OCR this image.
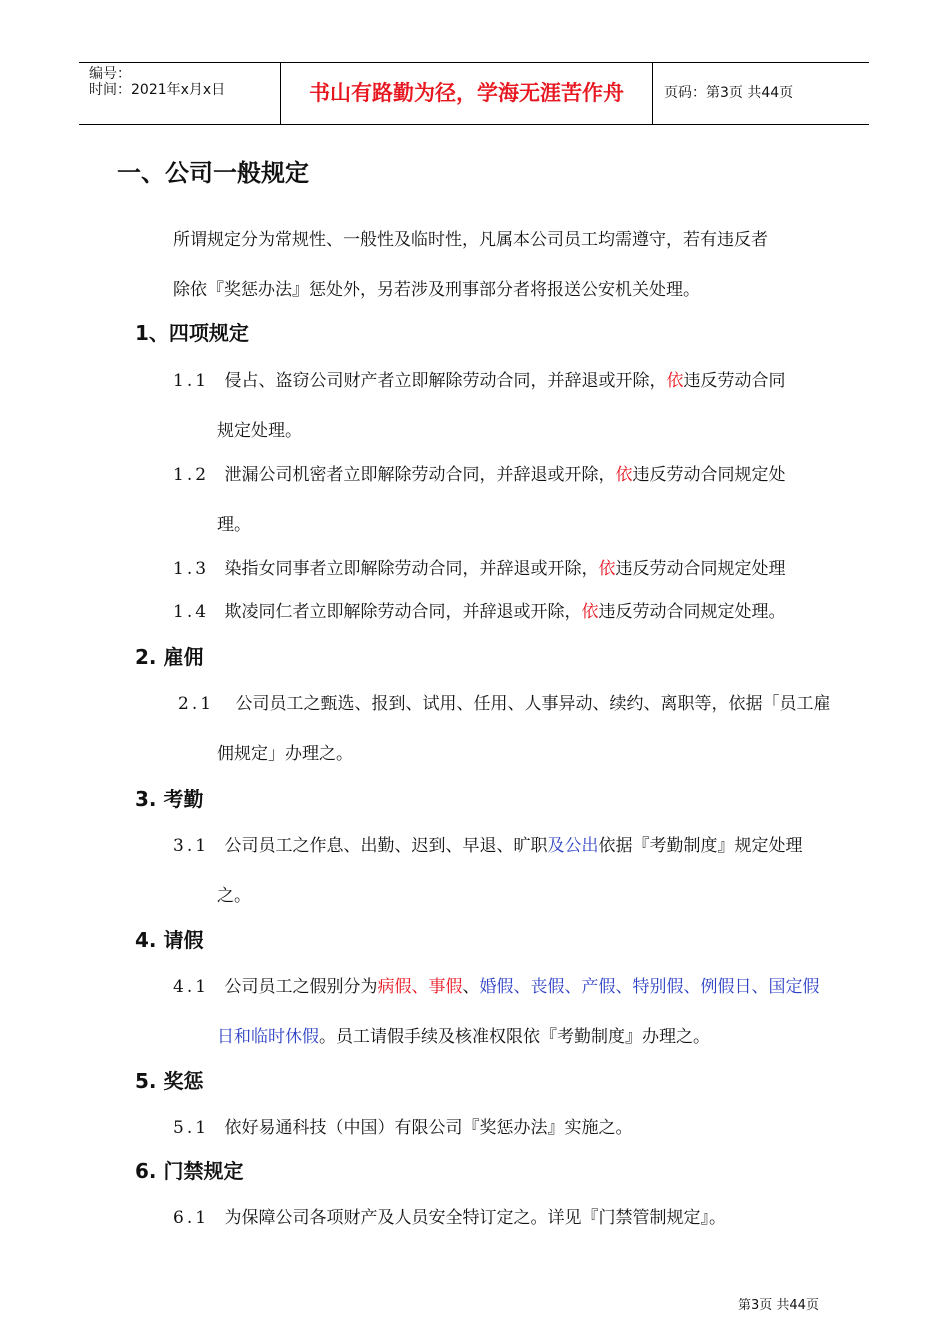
编号：
时间：2021年x月x日	书山有路勤为径，学海无涯苦作舟	页码：第3页 共44页
一、公司一般规定
所谓规定分为常规性、一般性及临时性，凡属本公司员工均需遵守，若有违反者
除依『奖惩办法』惩处外，另若涉及刑事部分者将报送公安机关处理。
1、四项规定
1.1 侵占、盗窃公司财产者立即解除劳动合同，并辞退或开除，依违反劳动合同
规定处理。
1.2 泄漏公司机密者立即解除劳动合同，并辞退或开除，依违反劳动合同规定处
理。
1.3 染指女同事者立即解除劳动合同，并辞退或开除，依违反劳动合同规定处理
1.4 欺凌同仁者立即解除劳动合同，并辞退或开除，依违反劳动合同规定处理。
2. 雇佣
2.1 公司员工之甄选、报到、试用、任用、人事异动、续约、离职等，依据「员工雇
佣规定」办理之。
3. 考勤
3.1 公司员工之作息、出勤、迟到、早退、旷职及公出依据『考勤制度』规定处理
之。
4. 请假
4.1 公司员工之假别分为病假、事假、婚假、丧假、产假、特别假、例假日、国定假
日和临时休假。员工请假手续及核准权限依『考勤制度』办理之。
5. 奖惩
5.1 依好易通科技（中国）有限公司『奖惩办法』实施之。
6. 门禁规定
6.1 为保障公司各项财产及人员安全特订定之。详见『门禁管制规定』。
第3页 共44页
